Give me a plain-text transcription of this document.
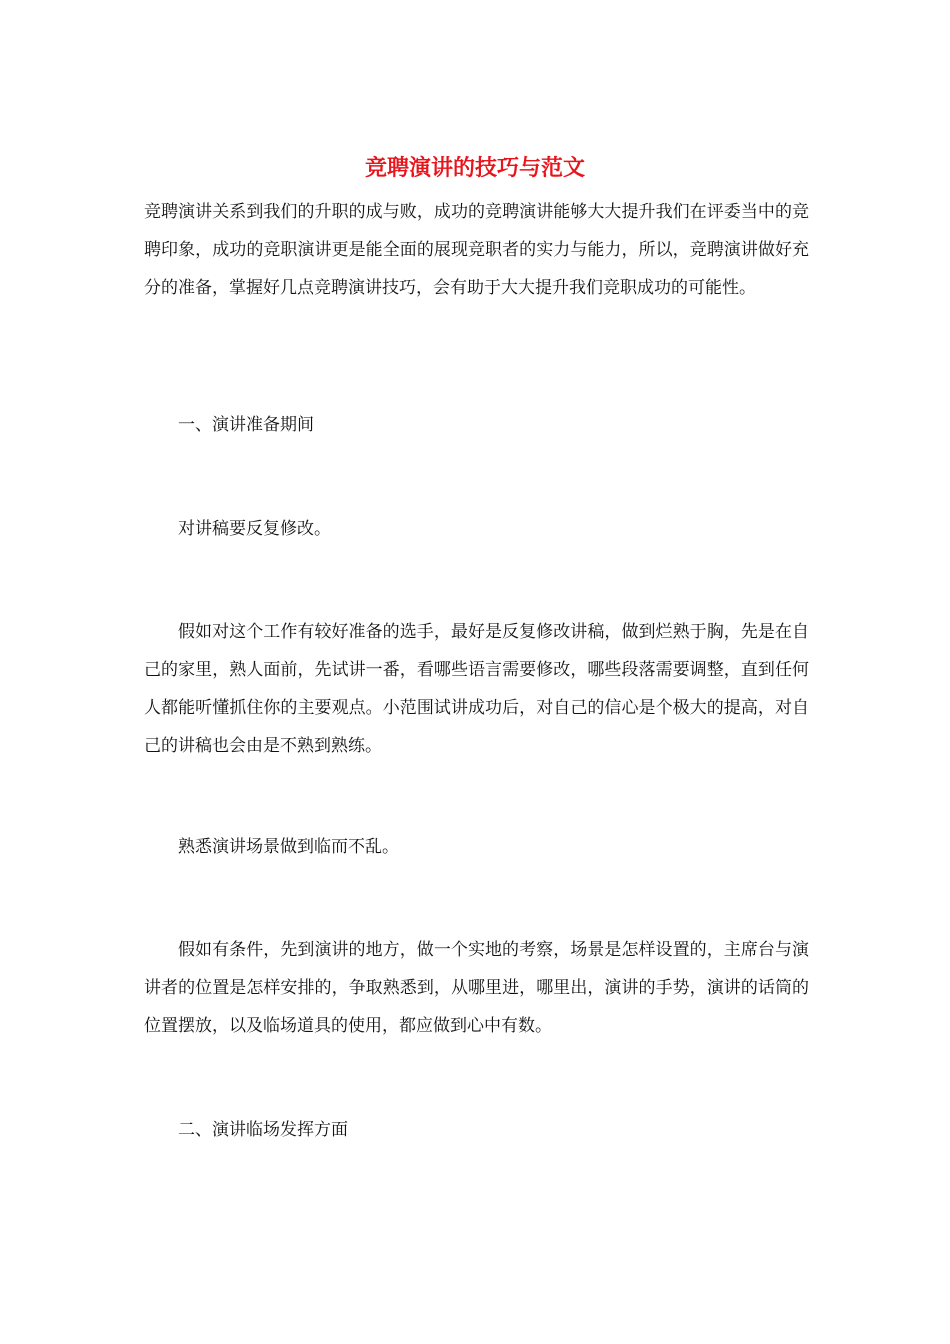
竞聘演讲的技巧与范文

竞聘演讲关系到我们的升职的成与败，成功的竞聘演讲能够大大提升我们在评委当中的竞聘印象，成功的竞职演讲更是能全面的展现竞职者的实力与能力，所以，竞聘演讲做好充分的准备，掌握好几点竞聘演讲技巧，会有助于大大提升我们竞职成功的可能性。

一、演讲准备期间

对讲稿要反复修改。

假如对这个工作有较好准备的选手，最好是反复修改讲稿，做到烂熟于胸，先是在自己的家里，熟人面前，先试讲一番，看哪些语言需要修改，哪些段落需要调整，直到任何人都能听懂抓住你的主要观点。小范围试讲成功后，对自己的信心是个极大的提高，对自己的讲稿也会由是不熟到熟练。

熟悉演讲场景做到临而不乱。

假如有条件，先到演讲的地方，做一个实地的考察，场景是怎样设置的，主席台与演讲者的位置是怎样安排的，争取熟悉到，从哪里进，哪里出，演讲的手势，演讲的话筒的位置摆放，以及临场道具的使用，都应做到心中有数。

二、演讲临场发挥方面
